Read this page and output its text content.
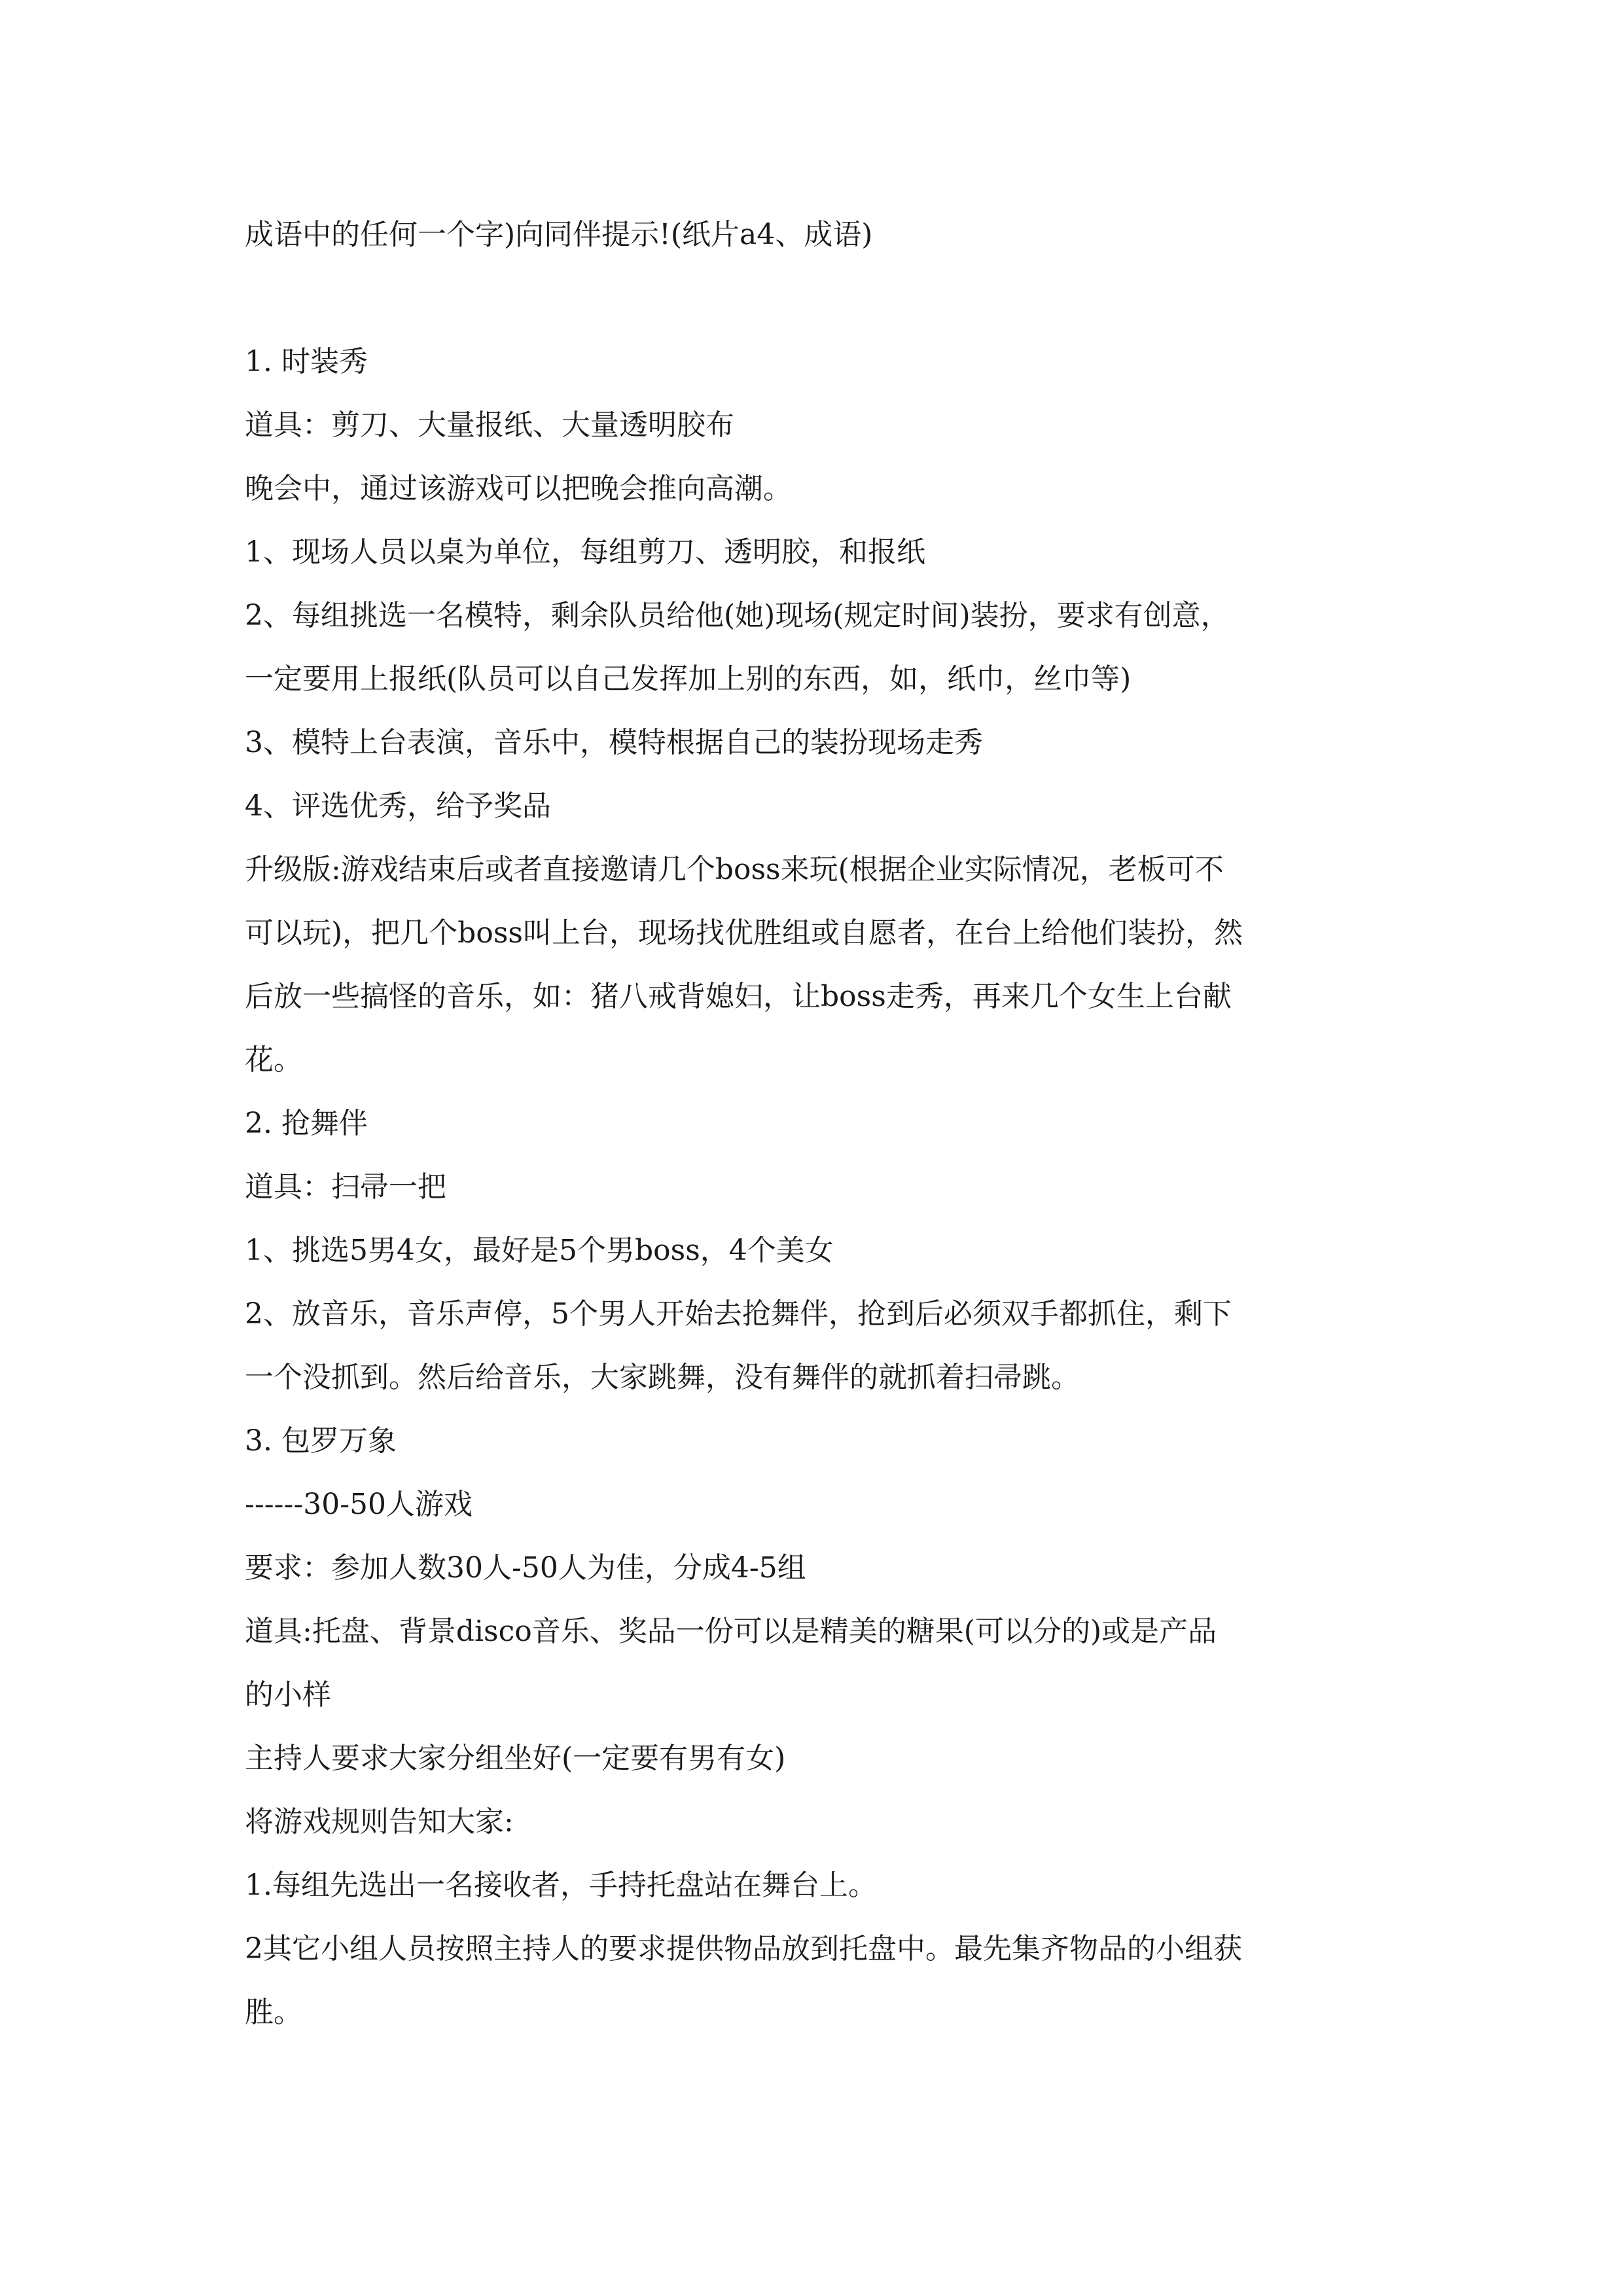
成语中的任何一个字)向同伴提示!(纸片a4、成语)
1. 时装秀
道具：剪刀、大量报纸、大量透明胶布
晚会中，通过该游戏可以把晚会推向高潮。
1、现场人员以桌为单位，每组剪刀、透明胶，和报纸
2、每组挑选一名模特，剩余队员给他(她)现场(规定时间)装扮，要求有创意，
一定要用上报纸(队员可以自己发挥加上别的东西，如，纸巾，丝巾等)
3、模特上台表演，音乐中，模特根据自己的装扮现场走秀
4、评选优秀，给予奖品
升级版:游戏结束后或者直接邀请几个boss来玩(根据企业实际情况，老板可不
可以玩)，把几个boss叫上台，现场找优胜组或自愿者，在台上给他们装扮，然
后放一些搞怪的音乐，如：猪八戒背媳妇，让boss走秀，再来几个女生上台献
花。
2. 抢舞伴
道具：扫帚一把
1、挑选5男4女，最好是5个男boss，4个美女
2、放音乐，音乐声停，5个男人开始去抢舞伴，抢到后必须双手都抓住，剩下
一个没抓到。然后给音乐，大家跳舞，没有舞伴的就抓着扫帚跳。
3. 包罗万象
------30-50人游戏
要求：参加人数30人-50人为佳，分成4-5组
道具:托盘、背景disco音乐、奖品一份可以是精美的糖果(可以分的)或是产品
的小样
主持人要求大家分组坐好(一定要有男有女)
将游戏规则告知大家:
1.每组先选出一名接收者，手持托盘站在舞台上。
2其它小组人员按照主持人的要求提供物品放到托盘中。最先集齐物品的小组获
胜。
